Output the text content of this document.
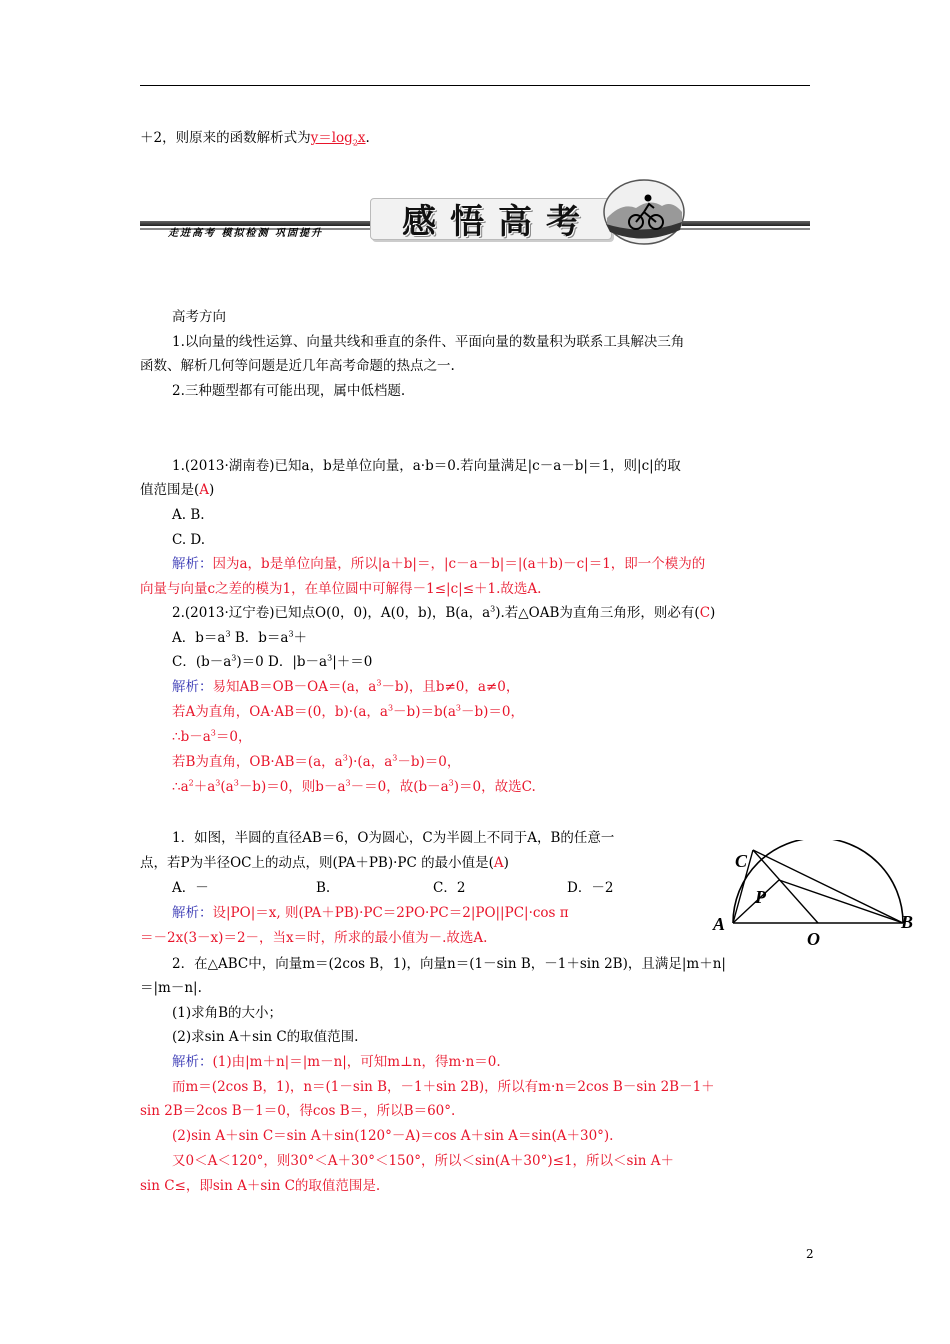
＋2，则原来的函数解析式为$y=\log_2x$.
走进高考 模拟检测 巩固提升 感悟高考
高考方向
1.以向量的线性运算、向量共线和垂直的条件、平面向量的数量积为联系工具解决三角
函数、解析几何等问题是近几年高考命题的热点之一.
2.三种题型都有可能出现，属中低档题.
1.(2013·湖南卷)已知a，b是单位向量，a·b＝0.若向量满足|c－a－b|＝1，则|c|的取
值范围是(A)
A. B.
C. D.
解析：因为a，b是单位向量，所以|a＋b|＝，|c－a－b|＝|(a＋b)－c|＝1，即一个模为的
向量与向量c之差的模为1，在单位圆中可解得－1≤|c|≤＋1.故选A.
2.(2013·辽宁卷)已知点O(0，0)，A(0，b)，B(a，$a^3$).若△OAB为直角三角形，则必有(C)
A．$b=a^3$ B．$b=a^3+$
C．$(b-a^3)=0$ D．$|b-a^3|+=0$
解析：易知AB＝OB－OA＝(a，$a^3-b$)，且b≠0，a≠0，
若A为直角，OA·AB＝(0，b)·(a，$a^3-b)=b(a^3-b)=0$，
$\therefore b-a^3=0$，
若B为直角，OB·AB＝(a，$a^3)\cdot(a$，$a^3-b)=0$，
$\therefore a^2+a^3(a^3-b)=0$，则$b-a^3-=0$，故$(b-a^3)=0$，故选C.
1．如图，半圆的直径AB＝6，O为圆心，C为半圆上不同于A，B的任意一
点，若P为半径OC上的动点，则(PA＋PB)·PC 的最小值是(A)
A．－	B.	C．2	D．－2
解析：设|PO|＝x, 则(PA＋PB)·PC＝2PO·PC＝2|PO||PC|·cos π
＝－2x(3－x)＝2－，当x＝时，所求的最小值为－.故选A.
C
P
A
O
B
2．在△ABC中，向量m＝(2cos B，1)，向量n＝(1－sin B，－1＋sin 2B)，且满足|m＋n|
＝|m－n|.
(1)求角B的大小；
(2)求sin A＋sin C的取值范围.
解析：(1)由|m＋n|＝|m－n|，可知m⊥n，得m·n＝0.
而m＝(2cos B，1)，n＝(1－sin B，－1＋sin 2B)，所以有m·n＝2cos B－sin 2B－1＋
sin 2B＝2cos B－1＝0，得cos B＝，所以B＝60°.
(2)sin A＋sin C＝sin A＋sin(120°－A)＝cos A＋sin A＝sin(A＋30°).
又0＜A＜120°，则30°＜A＋30°＜150°，所以＜sin(A＋30°)≤1，所以＜sin A＋
sin C≤，即sin A＋sin C的取值范围是.
2
